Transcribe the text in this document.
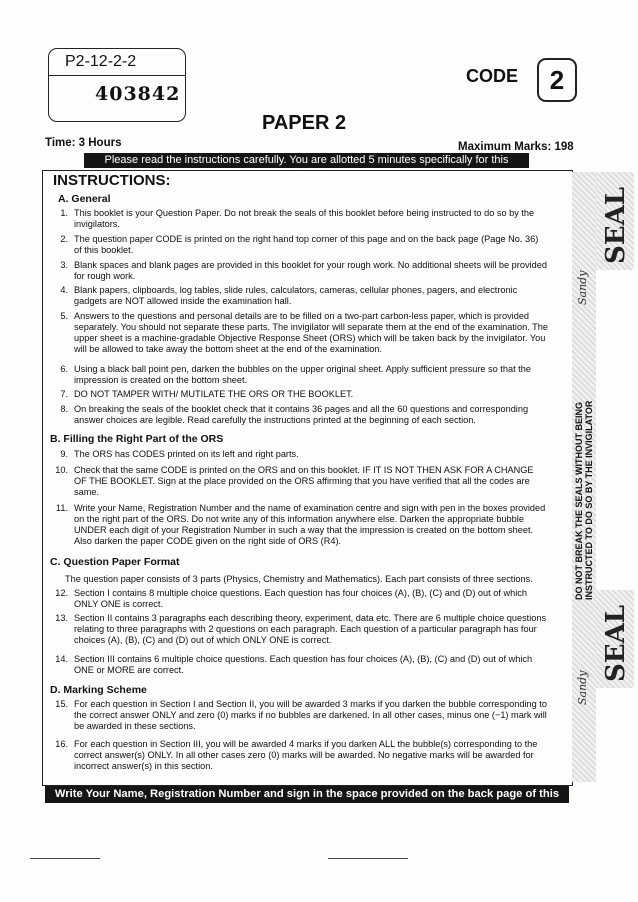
P2-12-2-2
403842
CODE	2
PAPER 2
Time: 3 Hours	Maximum Marks: 198
Please read the instructions carefully. You are allotted 5 minutes specifically for this purpose.
INSTRUCTIONS:
A. General
1. This booklet is your Question Paper. Do not break the seals of this booklet before being instructed to do so by the invigilators.
2. The question paper CODE is printed on the right hand top corner of this page and on the back page (Page No. 36) of this booklet.
3. Blank spaces and blank pages are provided in this booklet for your rough work. No additional sheets will be provided for rough work.
4. Blank papers, clipboards, log tables, slide rules, calculators, cameras, cellular phones, pagers, and electronic gadgets are NOT allowed inside the examination hall.
5. Answers to the questions and personal details are to be filled on a two-part carbon-less paper, which is provided separately. You should not separate these parts. The invigilator will separate them at the end of the examination. The upper sheet is a machine-gradable Objective Response Sheet (ORS) which will be taken back by the invigilator. You will be allowed to take away the bottom sheet at the end of the examination.
6. Using a black ball point pen, darken the bubbles on the upper original sheet. Apply sufficient pressure so that the impression is created on the bottom sheet.
7. DO NOT TAMPER WITH/ MUTILATE THE ORS OR THE BOOKLET.
8. On breaking the seals of the booklet check that it contains 36 pages and all the 60 questions and corresponding answer choices are legible. Read carefully the instructions printed at the beginning of each section.
B. Filling the Right Part of the ORS
9. The ORS has CODES printed on its left and right parts.
10. Check that the same CODE is printed on the ORS and on this booklet. IF IT IS NOT THEN ASK FOR A CHANGE OF THE BOOKLET. Sign at the place provided on the ORS affirming that you have verified that all the codes are same.
11. Write your Name, Registration Number and the name of examination centre and sign with pen in the boxes provided on the right part of the ORS. Do not write any of this information anywhere else. Darken the appropriate bubble UNDER each digit of your Registration Number in such a way that the impression is created on the bottom sheet. Also darken the paper CODE given on the right side of ORS (R4).
C. Question Paper Format
The question paper consists of 3 parts (Physics, Chemistry and Mathematics). Each part consists of three sections.
12. Section I contains 8 multiple choice questions. Each question has four choices (A), (B), (C) and (D) out of which ONLY ONE is correct.
13. Section II contains 3 paragraphs each describing theory, experiment, data etc. There are 6 multiple choice questions relating to three paragraphs with 2 questions on each paragraph. Each question of a particular paragraph has four choices (A), (B), (C) and (D) out of which ONLY ONE is correct.
14. Section III contains 6 multiple choice questions. Each question has four choices (A), (B), (C) and (D) out of which ONE or MORE are correct.
D. Marking Scheme
15. For each question in Section I and Section II, you will be awarded 3 marks if you darken the bubble corresponding to the correct answer ONLY and zero (0) marks if no bubbles are darkened. In all other cases, minus one (−1) mark will be awarded in these sections.
16. For each question in Section III, you will be awarded 4 marks if you darken ALL the bubble(s) corresponding to the correct answer(s) ONLY. In all other cases zero (0) marks will be awarded. No negative marks will be awarded for incorrect answer(s) in this section.
Write Your Name, Registration Number and sign in the space provided on the back page of this booklet.
SEAL
SEAL
DO NOT BREAK THE SEALS WITHOUT BEING INSTRUCTED TO DO SO BY THE INVIGILATOR
Sandy
Sandy
